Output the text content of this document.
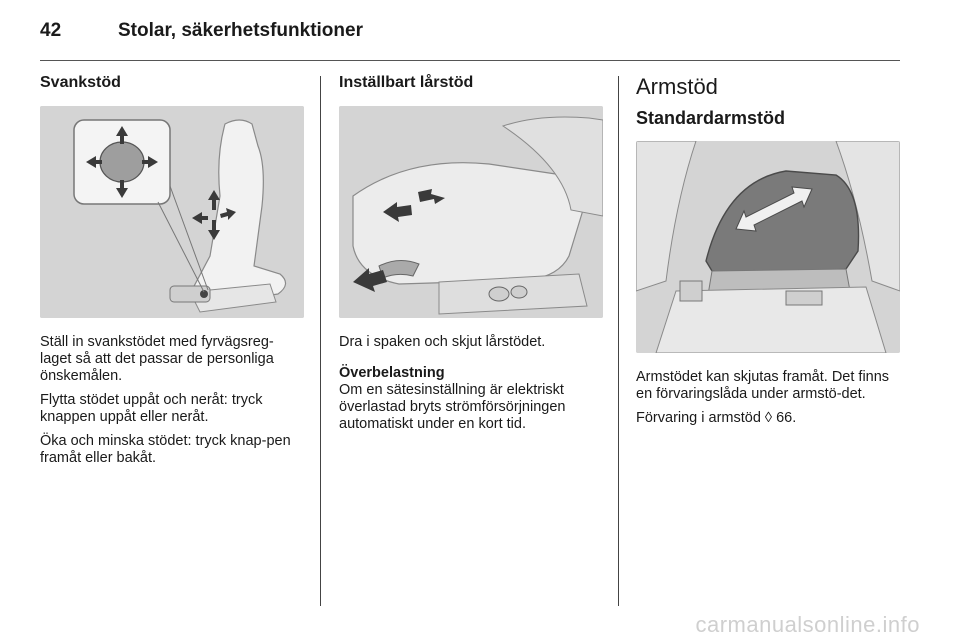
42	Stolar, säkerhetsfunktioner
Svankstöd

Ställ in svankstödet med fyrvägsreg-laget så att det passar de personliga önskemålen.

Flytta stödet uppåt och neråt: tryck knappen uppåt eller neråt.

Öka och minska stödet: tryck knap-pen framåt eller bakåt.

Inställbart lårstöd

Dra i spaken och skjut lårstödet.

Överbelastning

Om en sätesinställning är elektriskt överlastad bryts strömförsörjningen automatiskt under en kort tid.

Armstöd
Standardarmstöd

Armstödet kan skjutas framåt. Det finns en förvaringslåda under armstö-det.

Förvaring i armstöd ◊ 66.

carmanualsonline.info
